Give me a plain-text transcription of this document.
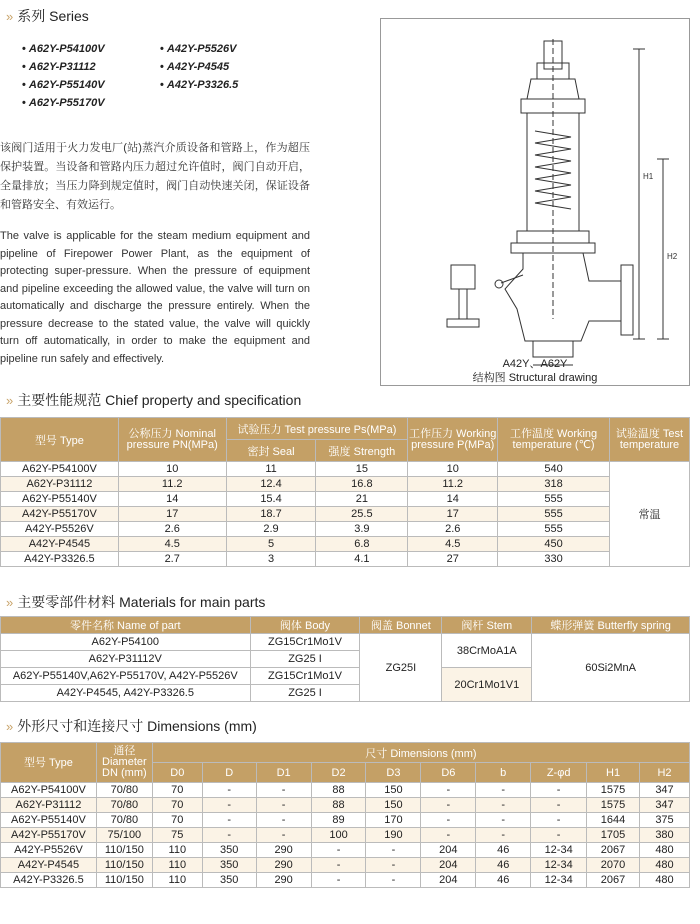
» 系列 Series
• A62Y-P54100V
• A62Y-P31112
• A62Y-P55140V
• A62Y-P55170V
• A42Y-P5526V
• A42Y-P4545
• A42Y-P3326.5
该阀门适用于火力发电厂(站)蒸汽介质设备和管路上，作为超压保护装置。当设备和管路内压力超过允许值时，阀门自动开启，全量排放；当压力降到规定值时，阀门自动快速关闭，保证设备和管路安全、有效运行。
The valve is applicable for the steam medium equipment and pipeline of Firepower Power Plant, as the equipment of protecting super-pressure. When the pressure of equipment and pipeline exceeding the allowed value, the valve will turn on automatically and discharge the pressure entirely. When the pressure decrease to the stated value, the valve will quickly turn off automatically, in order to make the equipment and pipeline run safely and effectively.
H1
H2
A42Y、A62Y
结构图 Structural drawing
» 主要性能规范 Chief property and specification
型号 Type	公称压力 Nominal pressure PN(MPa)	试验压力 Test pressure Ps(MPa)		工作压力 Working pressure P(MPa)	工作温度 Working temperature (℃)	试验温度 Test temperature
		密封 Seal	强度 Strength			
A62Y-P54100V	10	11	15	10	540	常温
A62Y-P31112	11.2	12.4	16.8	11.2	318	
A62Y-P55140V	14	15.4	21	14	555	
A42Y-P55170V	17	18.7	25.5	17	555	
A42Y-P5526V	2.6	2.9	3.9	2.6	555	
A42Y-P4545	4.5	5	6.8	4.5	450	
A42Y-P3326.5	2.7	3	4.1	27	330	
» 主要零部件材料 Materials for main parts
零件名称 Name of part	阀体 Body	阀盖 Bonnet	阀杆 Stem	蝶形弹簧 Butterfly spring
A62Y-P54100	ZG15Cr1Mo1V	ZG25I	38CrMoA1A	60Si2MnA
A62Y-P31112V	ZG25 I			
A62Y-P55140V,A62Y-P55170V, A42Y-P5526V	ZG15Cr1Mo1V		20Cr1Mo1V1	
A42Y-P4545, A42Y-P3326.5	ZG25 I			
» 外形尺寸和连接尺寸 Dimensions (mm)
型号 Type	通径 Diameter DN (mm)	尺寸 Dimensions (mm)									
		D0	D	D1	D2	D3	D6	b	Z-φd	H1	H2
A62Y-P54100V	70/80	70	-	-	88	150	-	-	-	1575	347
A62Y-P31112	70/80	70	-	-	88	150	-	-	-	1575	347
A62Y-P55140V	70/80	70	-	-	89	170	-	-	-	1644	375
A42Y-P55170V	75/100	75	-	-	100	190	-	-	-	1705	380
A42Y-P5526V	110/150	110	350	290	-	-	204	46	12-34	2067	480
A42Y-P4545	110/150	110	350	290	-	-	204	46	12-34	2070	480
A42Y-P3326.5	110/150	110	350	290	-	-	204	46	12-34	2067	480
